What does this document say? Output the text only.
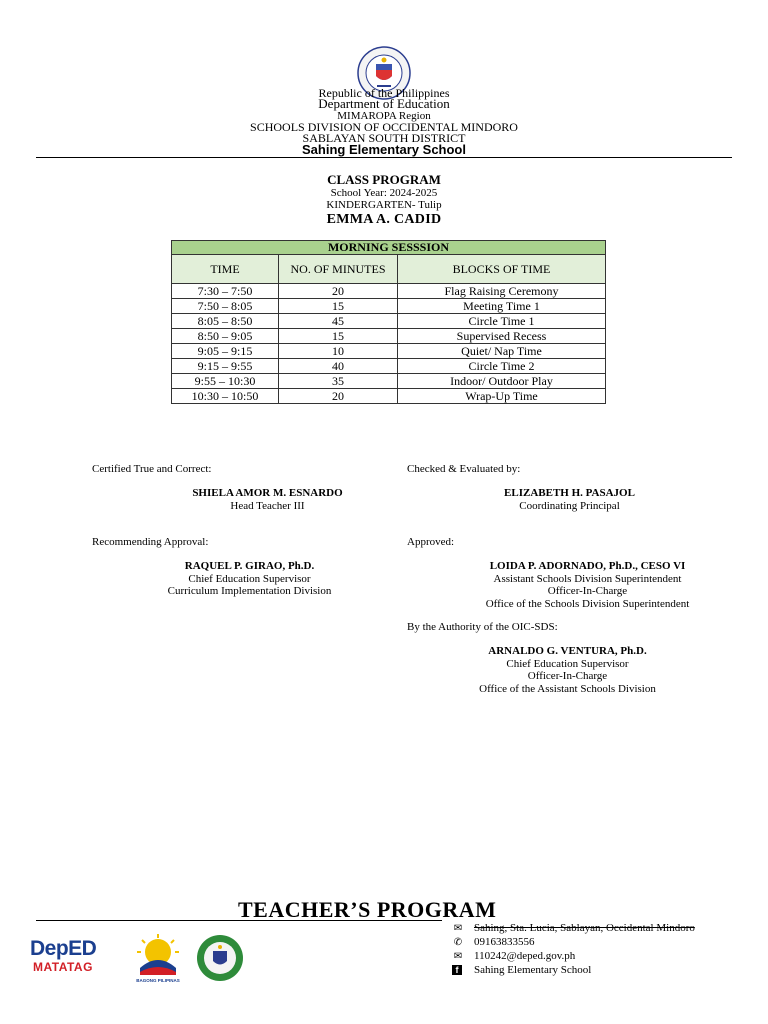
Republic of the Philippines
Department of Education
MIMAROPA Region
SCHOOLS DIVISION OF OCCIDENTAL MINDORO
SABLAYAN SOUTH DISTRICT
Sahing Elementary School
CLASS PROGRAM
School Year: 2024-2025
KINDERGARTEN- Tulip
EMMA A. CADID
MORNING SESSSION		
TIME	NO. OF MINUTES	BLOCKS OF TIME
7:30 – 7:50	20	Flag Raising Ceremony
7:50 – 8:05	15	Meeting Time 1
8:05 – 8:50	45	Circle Time 1
8:50 – 9:05	15	Supervised Recess
9:05 – 9:15	10	Quiet/ Nap Time
9:15 – 9:55	40	Circle Time 2
9:55 – 10:30	35	Indoor/ Outdoor Play
10:30 – 10:50	20	Wrap-Up Time
Certified True and Correct:	Checked & Evaluated by:
SHIELA AMOR M. ESNARDO
Head Teacher III
ELIZABETH H. PASAJOL
Coordinating Principal
Recommending Approval:	Approved:
RAQUEL P. GIRAO, Ph.D.
Chief Education Supervisor
Curriculum Implementation Division
LOIDA P. ADORNADO, Ph.D., CESO VI
Assistant Schools Division Superintendent
Officer-In-Charge
Office of the Schools Division Superintendent
By the Authority of the OIC-SDS:
ARNALDO G. VENTURA, Ph.D.
Chief Education Supervisor
Officer-In-Charge
Office of the Assistant Schools Division
TEACHER’S PROGRAM
DepED
MATATAG
BAGONG PILIPINAS
✉ Sahing, Sta. Lucia, Sablayan, Occidental Mindoro
✆ 09163833556
✉ 110242@deped.gov.ph
f Sahing Elementary School
